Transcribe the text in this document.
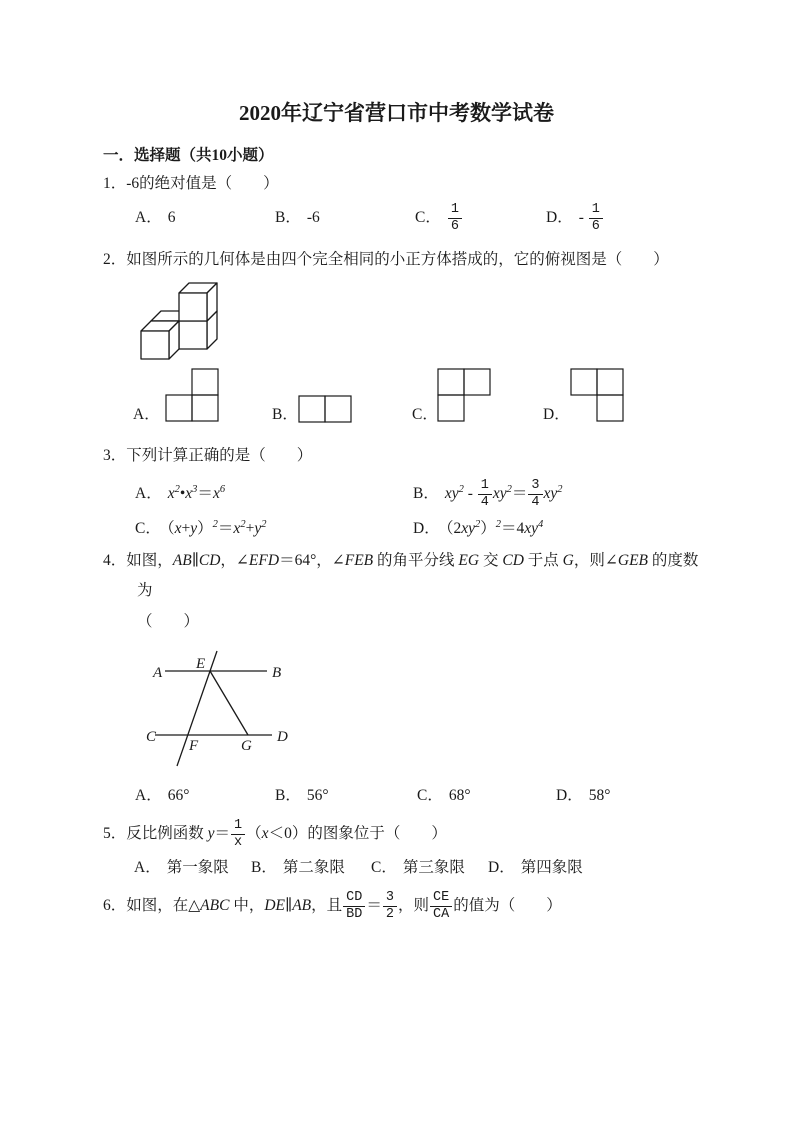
2020年辽宁省营口市中考数学试卷
一．选择题（共10小题）
1．-6的绝对值是（　　）
A． 6	B． -6	C． $\frac{1}{6}$	D． - $\frac{1}{6}$
2．如图所示的几何体是由四个完全相同的小正方体搭成的，它的俯视图是（　　）
A．	B．	C．	D．
3．下列计算正确的是（　　）
A． $x^2•x^3=x^6$	B． $xy^2 - \frac{1}{4} xy^2= \frac{3}{4} xy^2$
C． $(x+y)^2=x^2+y^2$	D． $(2xy^2)^2=4xy^4$
4．如图，AB∥CD，∠EFD＝64°，∠FEB 的角平分线 EG 交 CD 于点 G，则∠GEB 的度数
为
（　　）
A
E
B
C
F	G
D
A． 66°	B． 56°	C． 68°	D． 58°
5．反比例函数 $y= \frac{1}{x} (x<0)$的图象位于（　　）
A． 第一象限 B． 第二象限 C． 第三象限 D． 第四象限
6．如图，在△ABC 中，DE∥AB，且 $\frac{CD}{BD} = \frac{3}{2}$ ，则 $\frac{CE}{CA}$ 的值为（　　）
